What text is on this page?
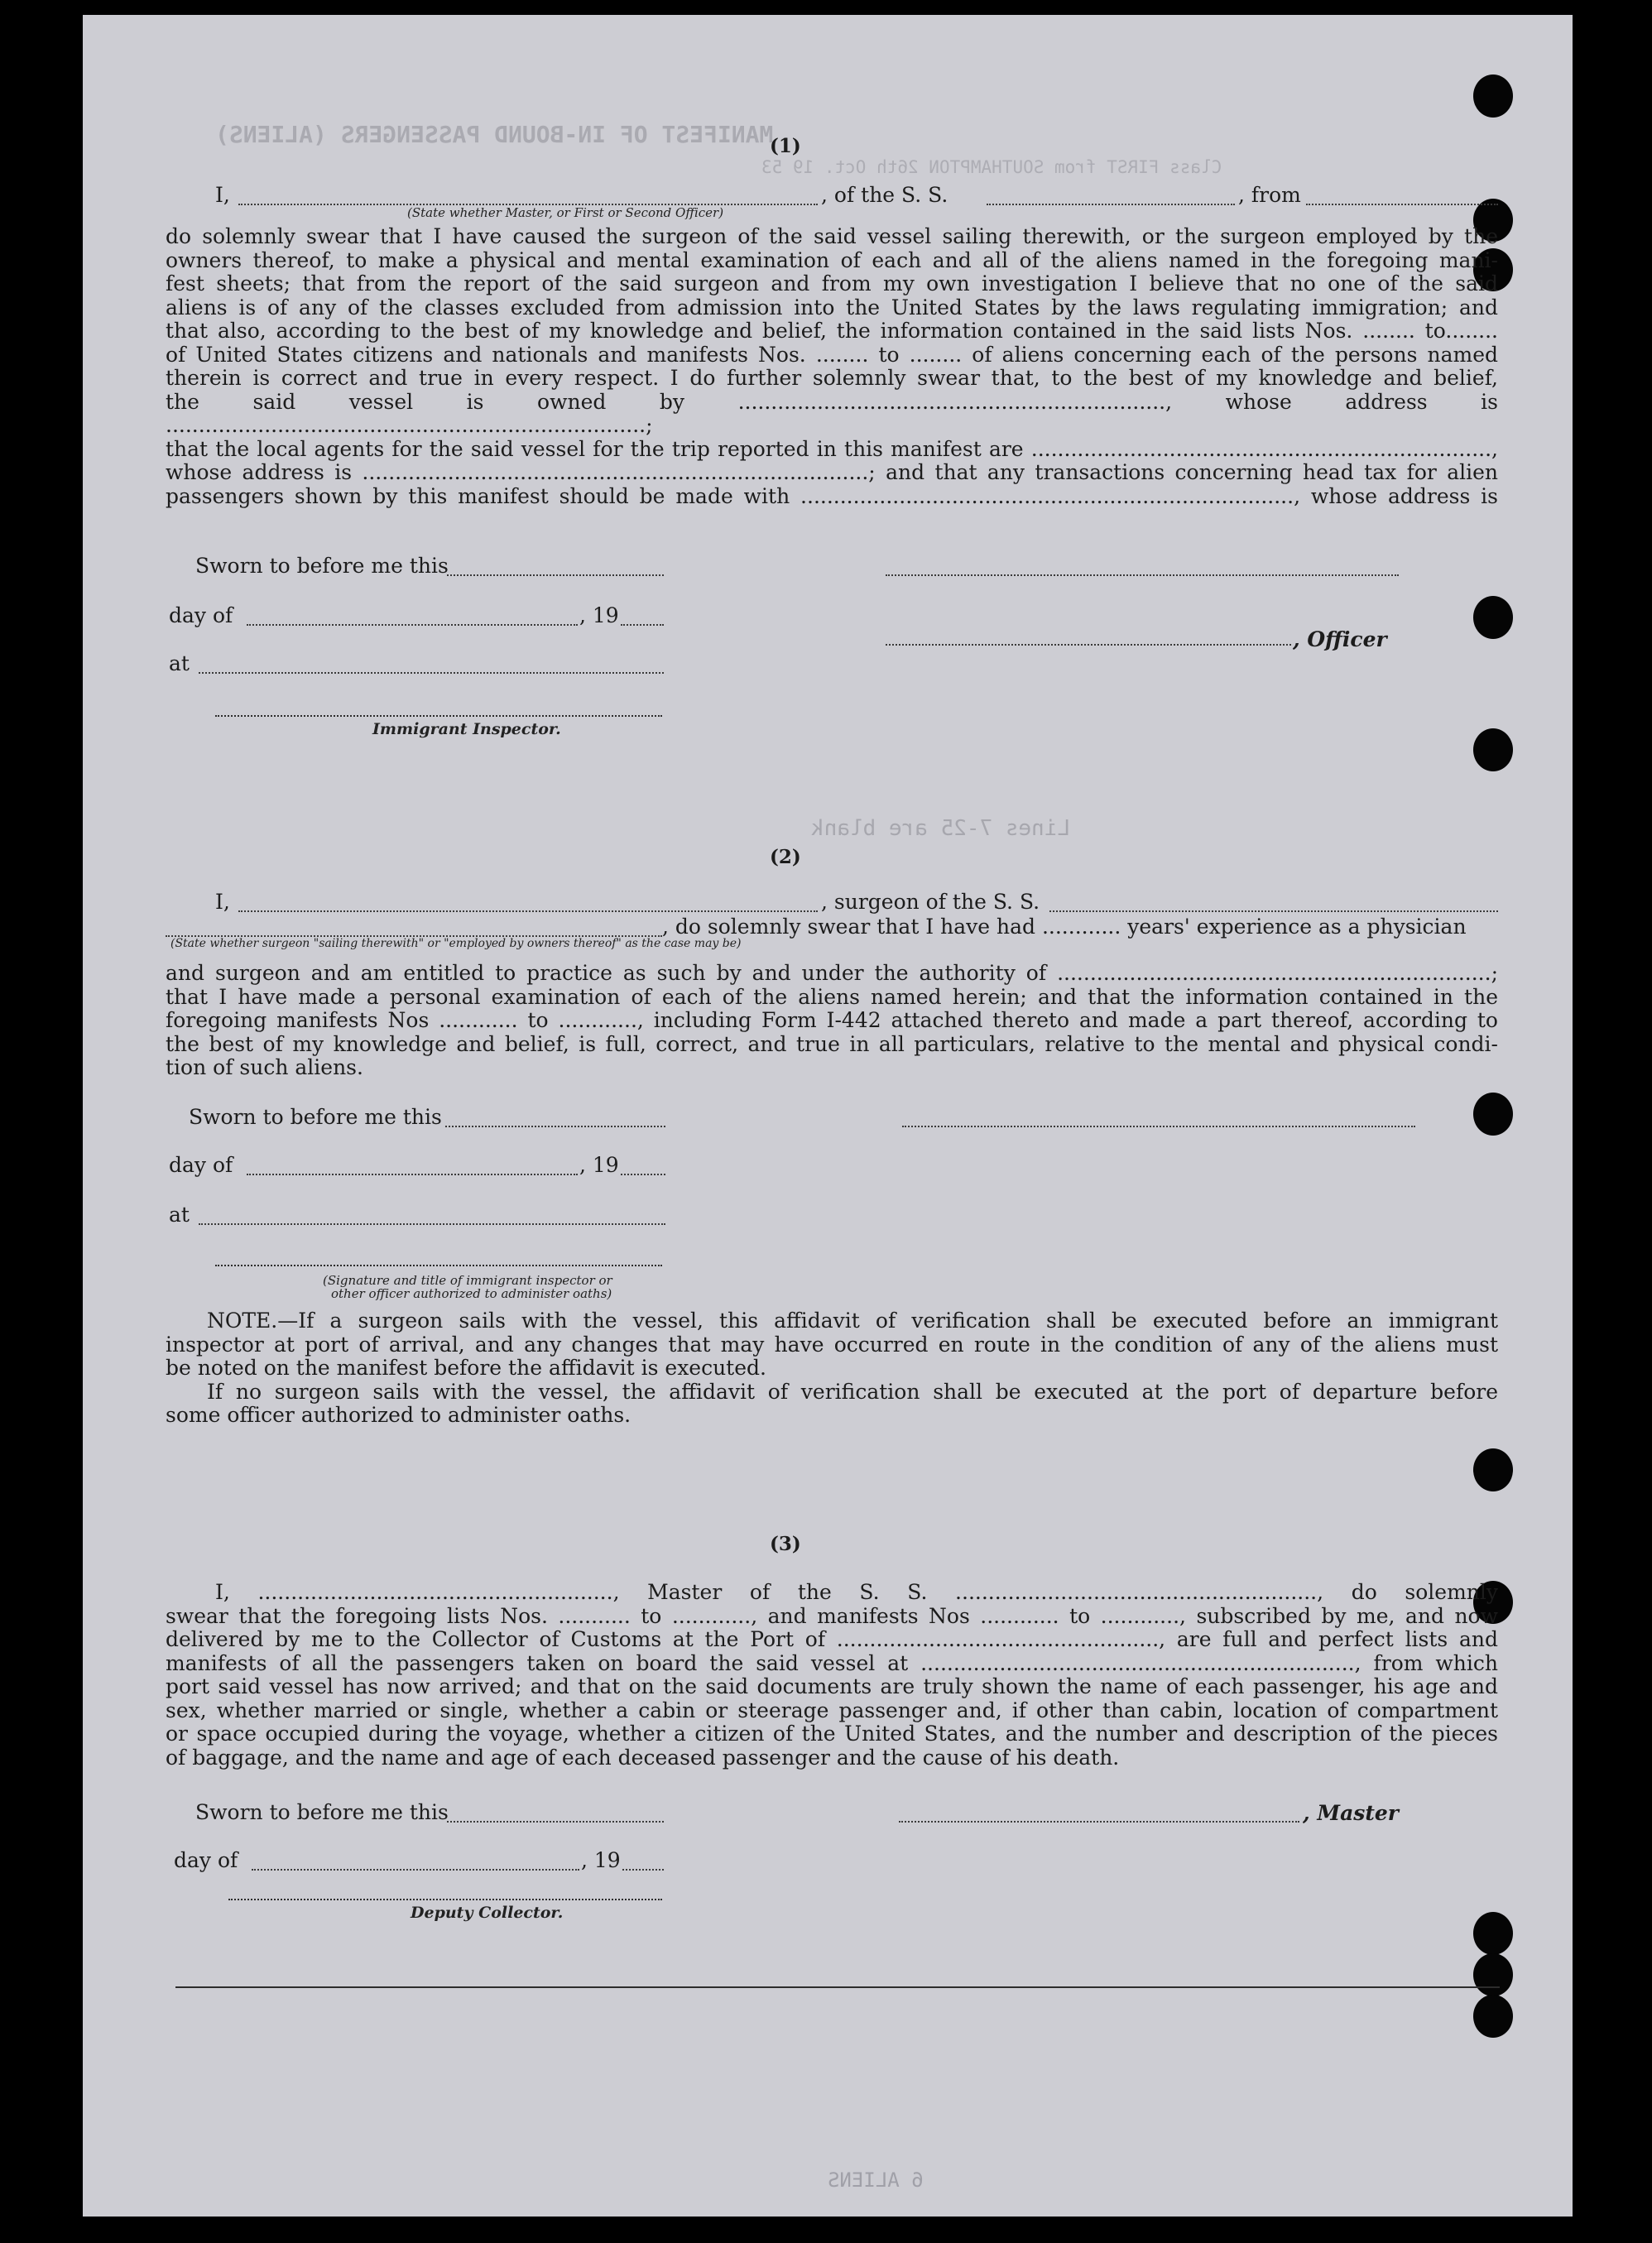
MANIFEST OF IN-BOUND PASSENGERS (ALIENS)
Class FIRST from SOUTHAMPTON 26th Oct. 19 53
Lines 7-25 are blank
6 ALIENS
(1)
I,	, of the S. S.	, from
(State whether Master, or First or Second Officer)
do solemnly swear that I have caused the surgeon of the said vessel sailing therewith, or the surgeon employed by the
owners thereof, to make a physical and mental examination of each and all of the aliens named in the foregoing mani-
fest sheets; that from the report of the said surgeon and from my own investigation I believe that no one of the said
aliens is of any of the classes excluded from admission into the United States by the laws regulating immigration; and
that also, according to the best of my knowledge and belief, the information contained in the said lists Nos. ........ to........
of United States citizens and nationals and manifests Nos. ........ to ........ of aliens concerning each of the persons named
therein is correct and true in every respect. I do further solemnly swear that, to the best of my knowledge and belief,
the said vessel is owned by ................................................................., whose address is .........................................................................;
that the local agents for the said vessel for the trip reported in this manifest are ......................................................................,
whose address is .............................................................................; and that any transactions concerning head tax for alien
passengers shown by this manifest should be made with ..........................................................................., whose address is
Sworn to before me this
day of	, 19
at
Immigrant Inspector.
, Officer
(2)
I,	, surgeon of the S. S.
, do solemnly swear that I have had ............ years' experience as a physician
(State whether surgeon "sailing therewith" or "employed by owners thereof" as the case may be)
and surgeon and am entitled to practice as such by and under the authority of ..................................................................;
that I have made a personal examination of each of the aliens named herein; and that the information contained in the
foregoing manifests Nos ............ to ............, including Form I-442 attached thereto and made a part thereof, according to
the best of my knowledge and belief, is full, correct, and true in all particulars, relative to the mental and physical condi-
tion of such aliens.
Sworn to before me this
day of	, 19
at
(Signature and title of immigrant inspector or
other officer authorized to administer oaths)
NOTE.—If a surgeon sails with the vessel, this affidavit of verification shall be executed before an immigrant
inspector at port of arrival, and any changes that may have occurred en route in the condition of any of the aliens must
be noted on the manifest before the affidavit is executed.
If no surgeon sails with the vessel, the affidavit of verification shall be executed at the port of departure before
some officer authorized to administer oaths.
(3)
I, ......................................................, Master of the S. S. ......................................................., do solemnly
swear that the foregoing lists Nos. ........... to ............, and manifests Nos ............ to ............, subscribed by me, and now
delivered by me to the Collector of Customs at the Port of ................................................., are full and perfect lists and
manifests of all the passengers taken on board the said vessel at .................................................................., from which
port said vessel has now arrived; and that on the said documents are truly shown the name of each passenger, his age and
sex, whether married or single, whether a cabin or steerage passenger and, if other than cabin, location of compartment
or space occupied during the voyage, whether a citizen of the United States, and the number and description of the pieces
of baggage, and the name and age of each deceased passenger and the cause of his death.
Sworn to before me this
day of	, 19
Deputy Collector.
, Master
